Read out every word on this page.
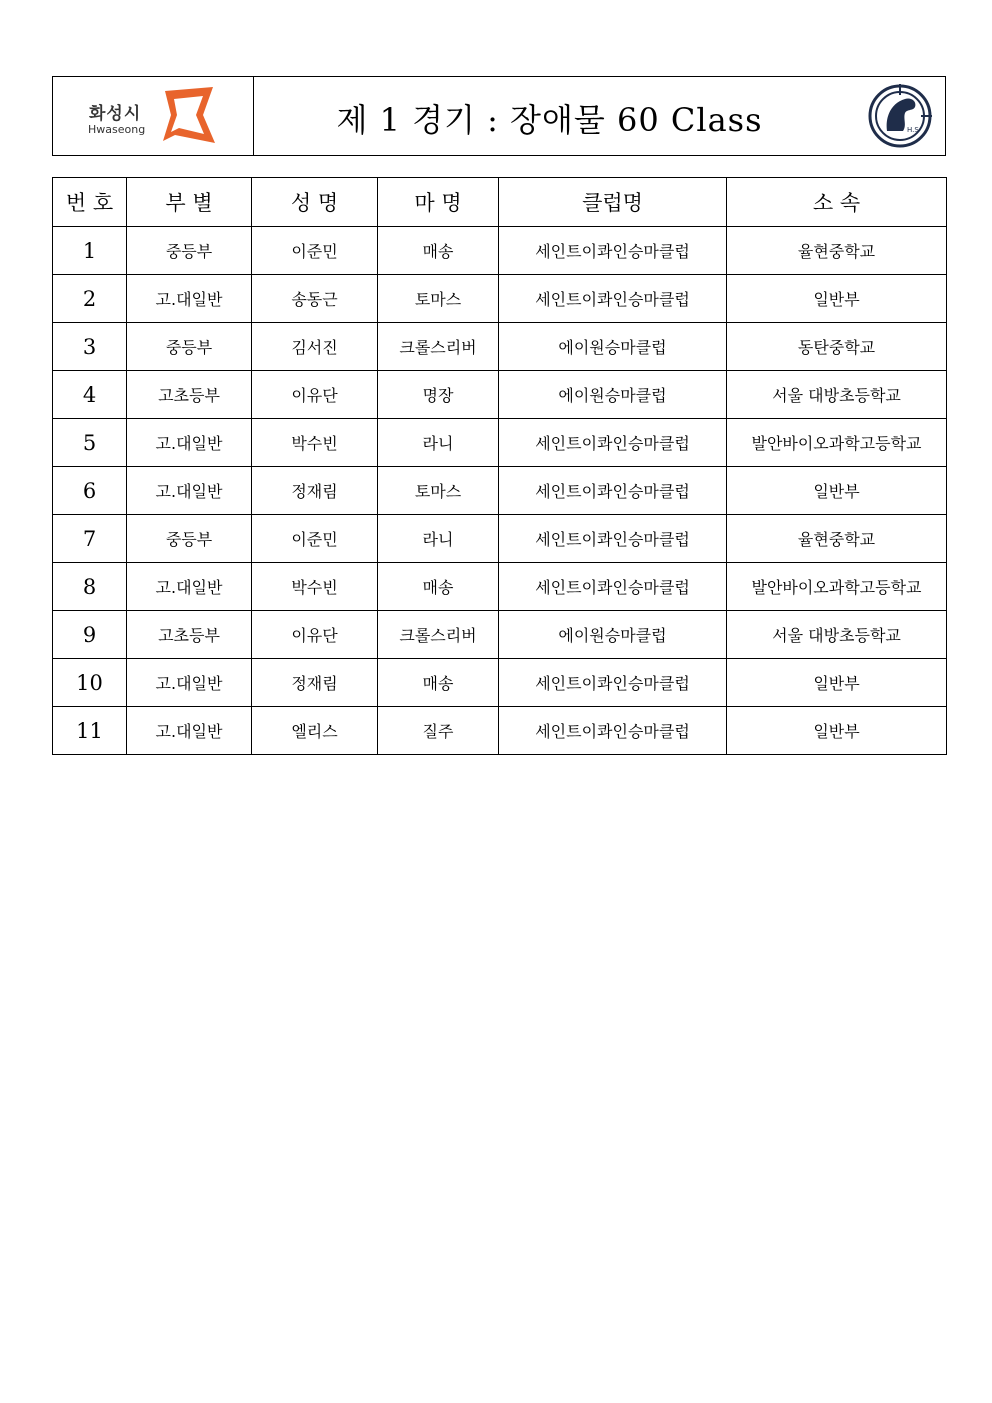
화성시
Hwaseong	제 1 경기 : 장애물 60 Class	H.S
번 호	부 별	성 명	마 명	클럽명	소 속
1	중등부	이준민	매송	세인트이콰인승마클럽	율현중학교
2	고.대일반	송동근	토마스	세인트이콰인승마클럽	일반부
3	중등부	김서진	크롤스리버	에이원승마클럽	동탄중학교
4	고초등부	이유단	명장	에이원승마클럽	서울 대방초등학교
5	고.대일반	박수빈	라니	세인트이콰인승마클럽	발안바이오과학고등학교
6	고.대일반	정재림	토마스	세인트이콰인승마클럽	일반부
7	중등부	이준민	라니	세인트이콰인승마클럽	율현중학교
8	고.대일반	박수빈	매송	세인트이콰인승마클럽	발안바이오과학고등학교
9	고초등부	이유단	크롤스리버	에이원승마클럽	서울 대방초등학교
10	고.대일반	정재림	매송	세인트이콰인승마클럽	일반부
11	고.대일반	엘리스	질주	세인트이콰인승마클럽	일반부
